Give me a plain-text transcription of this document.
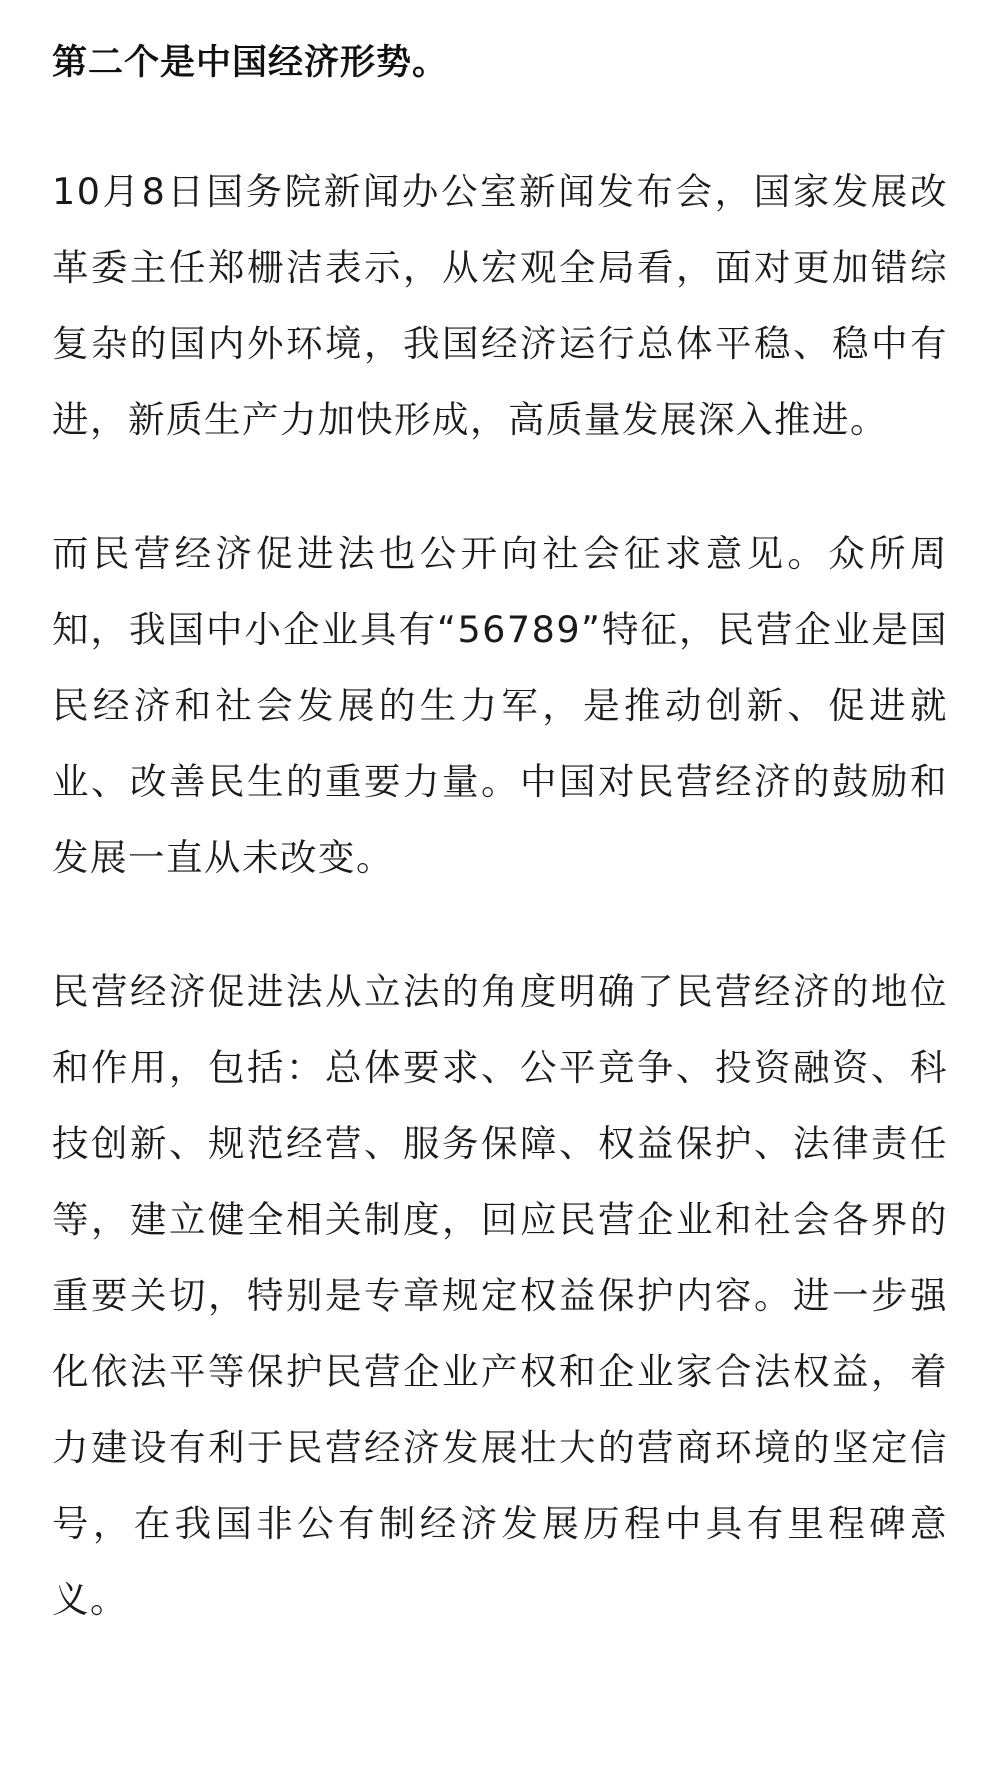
第二个是中国经济形势。

10月8日国务院新闻办公室新闻发布会，国家发展改革委主任郑栅洁表示，从宏观全局看，面对更加错综复杂的国内外环境，我国经济运行总体平稳、稳中有进，新质生产力加快形成，高质量发展深入推进。

而民营经济促进法也公开向社会征求意见。众所周知，我国中小企业具有“56789”特征，民营企业是国民经济和社会发展的生力军，是推动创新、促进就业、改善民生的重要力量。中国对民营经济的鼓励和发展一直从未改变。

民营经济促进法从立法的角度明确了民营经济的地位和作用，包括：总体要求、公平竞争、投资融资、科技创新、规范经营、服务保障、权益保护、法律责任等，建立健全相关制度，回应民营企业和社会各界的重要关切，特别是专章规定权益保护内容。进一步强化依法平等保护民营企业产权和企业家合法权益，着力建设有利于民营经济发展壮大的营商环境的坚定信号，在我国非公有制经济发展历程中具有里程碑意义。
